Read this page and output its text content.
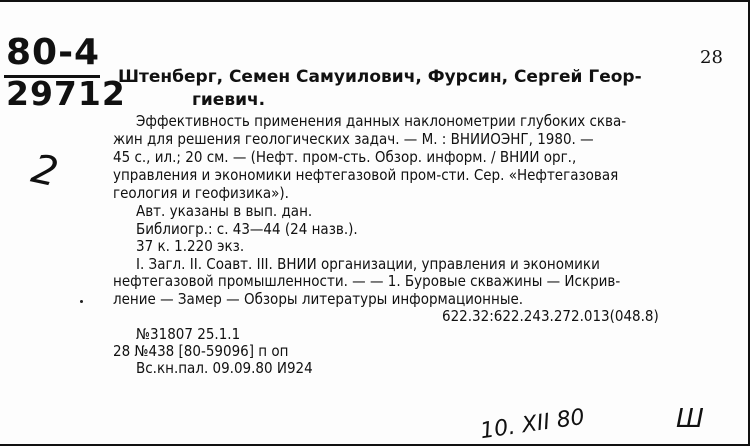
80-4
29712
2
28
Штенберг, Семен Самуилович, Фурсин, Сергей Геор-
гиевич.
Эффективность применения данных наклонометрии глубоких сква-
жин для решения геологических задач. — М. : ВНИИОЭНГ, 1980. —
45 с., ил.; 20 см. — (Нефт. пром-сть. Обзор. информ. / ВНИИ орг.,
управления и экономики нефтегазовой пром-сти. Сер. «Нефтегазовая
геология и геофизика»).
Авт. указаны в вып. дан.
Библиогр.: с. 43—44 (24 назв.).
37 к. 1.220 экз.
I. Загл. II. Соавт. III. ВНИИ организации, управления и экономики
нефтегазовой промышленности. — — 1. Буровые скважины — Искрив-
ление — Замер — Обзоры литературы информационные.
622.32:622.243.272.013(048.8)
№31807 25.1.1
28 №438 [80-59096] п оп
Вс.кн.пал. 09.09.80 И924
10. XII 80	Ш
